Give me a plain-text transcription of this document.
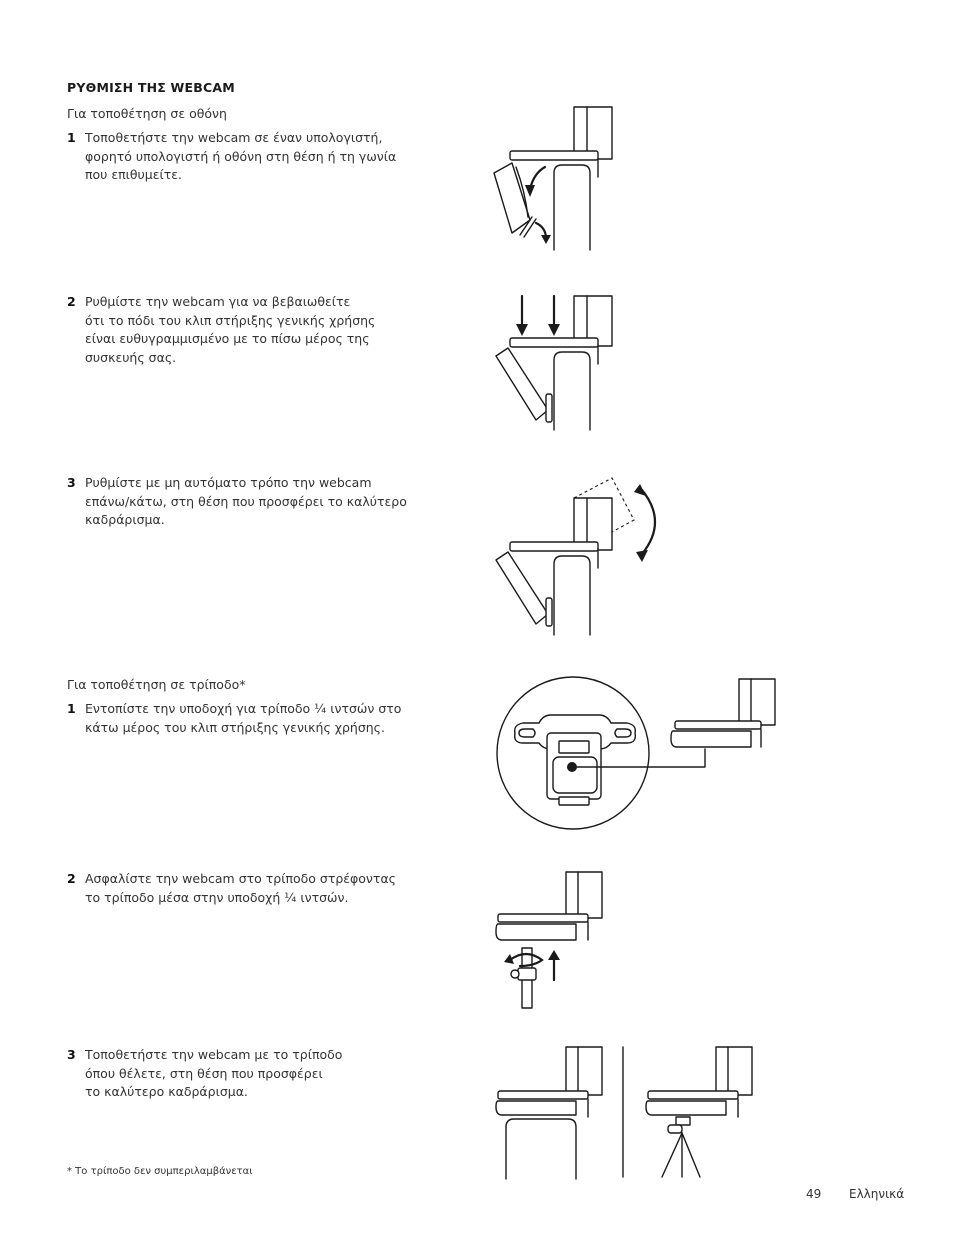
ΡΥΘΜΙΣΗ ΤΗΣ WEBCAM
Για τοποθέτηση σε οθόνη
1 Τοποθετήστε την webcam σε έναν υπολογιστή,
φορητό υπολογιστή ή οθόνη στη θέση ή τη γωνία
που επιθυμείτε.
2 Ρυθμίστε την webcam για να βεβαιωθείτε
ότι το πόδι του κλιπ στήριξης γενικής χρήσης
είναι ευθυγραμμισμένο με το πίσω μέρος της
συσκευής σας.
3 Ρυθμίστε με μη αυτόματο τρόπο την webcam
επάνω/κάτω, στη θέση που προσφέρει το καλύτερο
καδράρισμα.
Για τοποθέτηση σε τρίποδο*
1 Εντοπίστε την υποδοχή για τρίποδο ¼ ιντσών στο
κάτω μέρος του κλιπ στήριξης γενικής χρήσης.
2 Ασφαλίστε την webcam στο τρίποδο στρέφοντας
το τρίποδο μέσα στην υποδοχή ¼ ιντσών.
3 Τοποθετήστε την webcam με το τρίποδο
όπου θέλετε, στη θέση που προσφέρει
το καλύτερο καδράρισμα.
* Το τρίποδο δεν συμπεριλαμβάνεται
49 Ελληνικά
